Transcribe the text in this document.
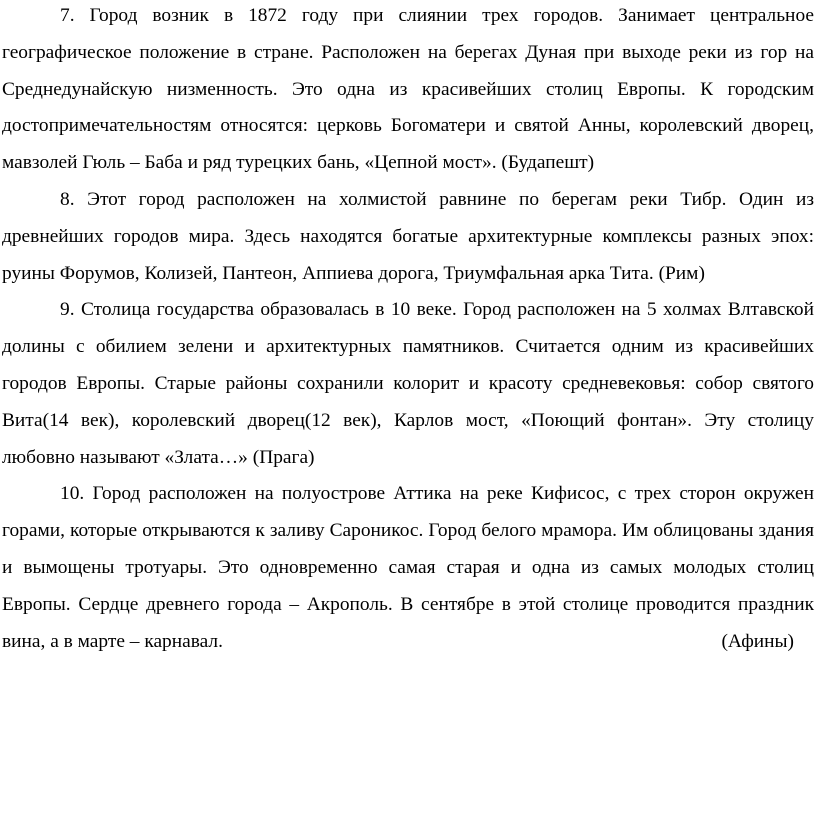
7. Город возник в 1872 году при слиянии трех городов. Занимает центральное географическое положение в стране. Расположен на берегах Дуная при выходе реки из гор на Среднедунайскую низменность. Это одна из красивейших столиц Европы. К городским достопримечательностям относятся: церковь Богоматери и святой Анны, королевский дворец, мавзолей Гюль – Баба и ряд турецких бань, «Цепной мост». (Будапешт)

8. Этот город расположен на холмистой равнине по берегам реки Тибр. Один из древнейших городов мира. Здесь находятся богатые архитектурные комплексы разных эпох: руины Форумов, Колизей, Пантеон, Аппиева дорога, Триумфальная арка Тита. (Рим)

9. Столица государства образовалась в 10 веке. Город расположен на 5 холмах Влтавской долины с обилием зелени и архитектурных памятников. Считается одним из красивейших городов Европы. Старые районы сохранили колорит и красоту средневековья: собор святого Вита(14 век), королевский дворец(12 век), Карлов мост, «Поющий фонтан». Эту столицу любовно называют «Злата…» (Прага)

10. Город расположен на полуострове Аттика на реке Кифисос, с трех сторон окружен горами, которые открываются к заливу Сароникос. Город белого мрамора. Им облицованы здания и вымощены тротуары. Это одновременно самая старая и одна из самых молодых столиц Европы. Сердце древнего города – Акрополь. В сентябре в этой столице проводится праздник вина, а в марте – карнавал.	(Афины)
